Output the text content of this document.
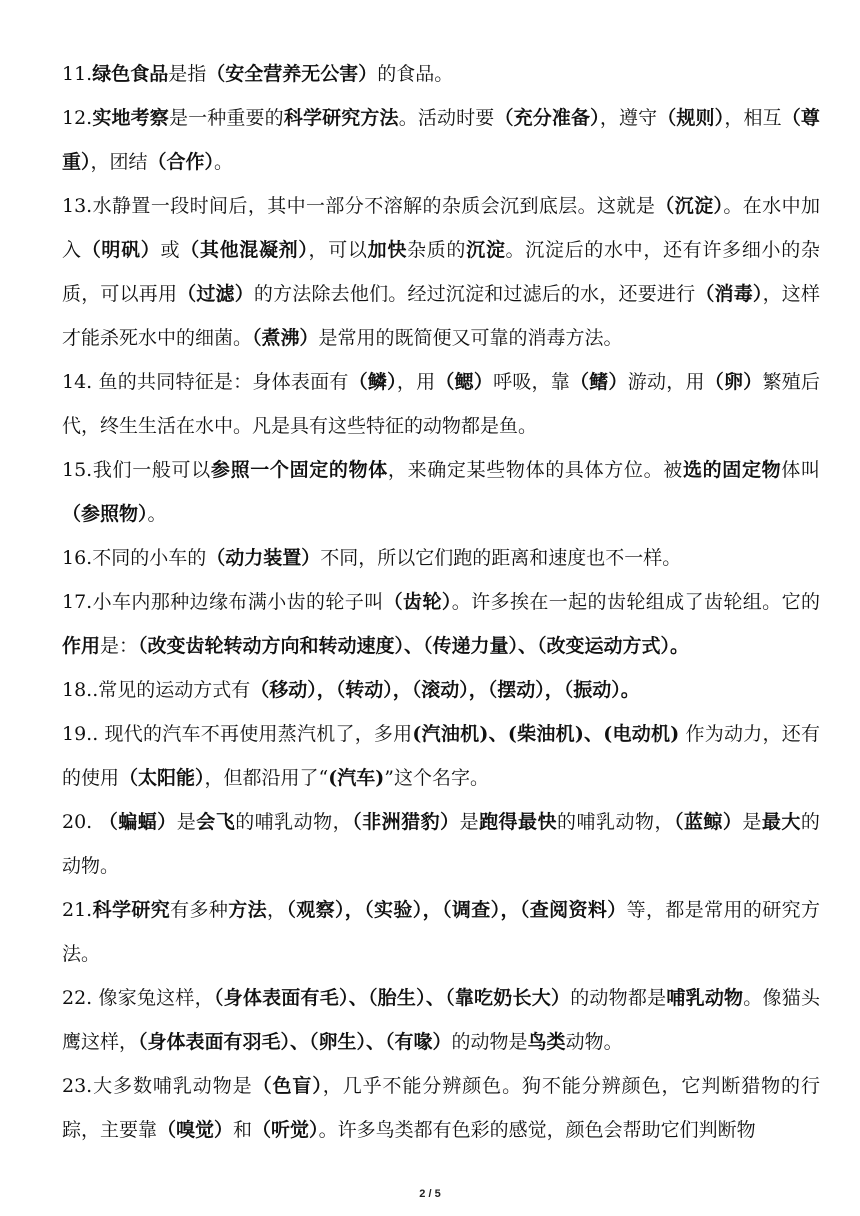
11.绿色食品是指（安全营养无公害）的食品。

12.实地考察是一种重要的科学研究方法。活动时要（充分准备），遵守（规则），相互（尊重），团结（合作）。

13.水静置一段时间后，其中一部分不溶解的杂质会沉到底层。这就是（沉淀）。在水中加入（明矾）或（其他混凝剂），可以加快杂质的沉淀。沉淀后的水中，还有许多细小的杂质，可以再用（过滤）的方法除去他们。经过沉淀和过滤后的水，还要进行（消毒），这样才能杀死水中的细菌。（煮沸）是常用的既简便又可靠的消毒方法。

14. 鱼的共同特征是：身体表面有（鳞），用（鳃）呼吸，靠（鳍）游动，用（卵）繁殖后代，终生生活在水中。凡是具有这些特征的动物都是鱼。

15.我们一般可以参照一个固定的物体，来确定某些物体的具体方位。被选的固定物体叫（参照物）。

16.不同的小车的（动力装置）不同，所以它们跑的距离和速度也不一样。

17.小车内那种边缘布满小齿的轮子叫（齿轮）。许多挨在一起的齿轮组成了齿轮组。它的作用是：（改变齿轮转动方向和转动速度）、（传递力量）、（改变运动方式）。

18..常见的运动方式有（移动），（转动），（滚动），（摆动），（振动）。

19.. 现代的汽车不再使用蒸汽机了，多用(汽油机)、(柴油机)、(电动机) 作为动力，还有的使用（太阳能），但都沿用了“(汽车)”这个名字。

20. （蝙蝠）是会飞的哺乳动物，（非洲猎豹）是跑得最快的哺乳动物，（蓝鲸）是最大的动物。

21.科学研究有多种方法，（观察），（实验），（调查），（查阅资料）等，都是常用的研究方法。

22. 像家兔这样，（身体表面有毛）、（胎生）、（靠吃奶长大）的动物都是哺乳动物。像猫头鹰这样，（身体表面有羽毛）、（卵生）、（有喙）的动物是鸟类动物。

23.大多数哺乳动物是（色盲），几乎不能分辨颜色。狗不能分辨颜色，它判断猎物的行踪，主要靠（嗅觉）和（听觉）。许多鸟类都有色彩的感觉，颜色会帮助它们判断物

2 / 5
